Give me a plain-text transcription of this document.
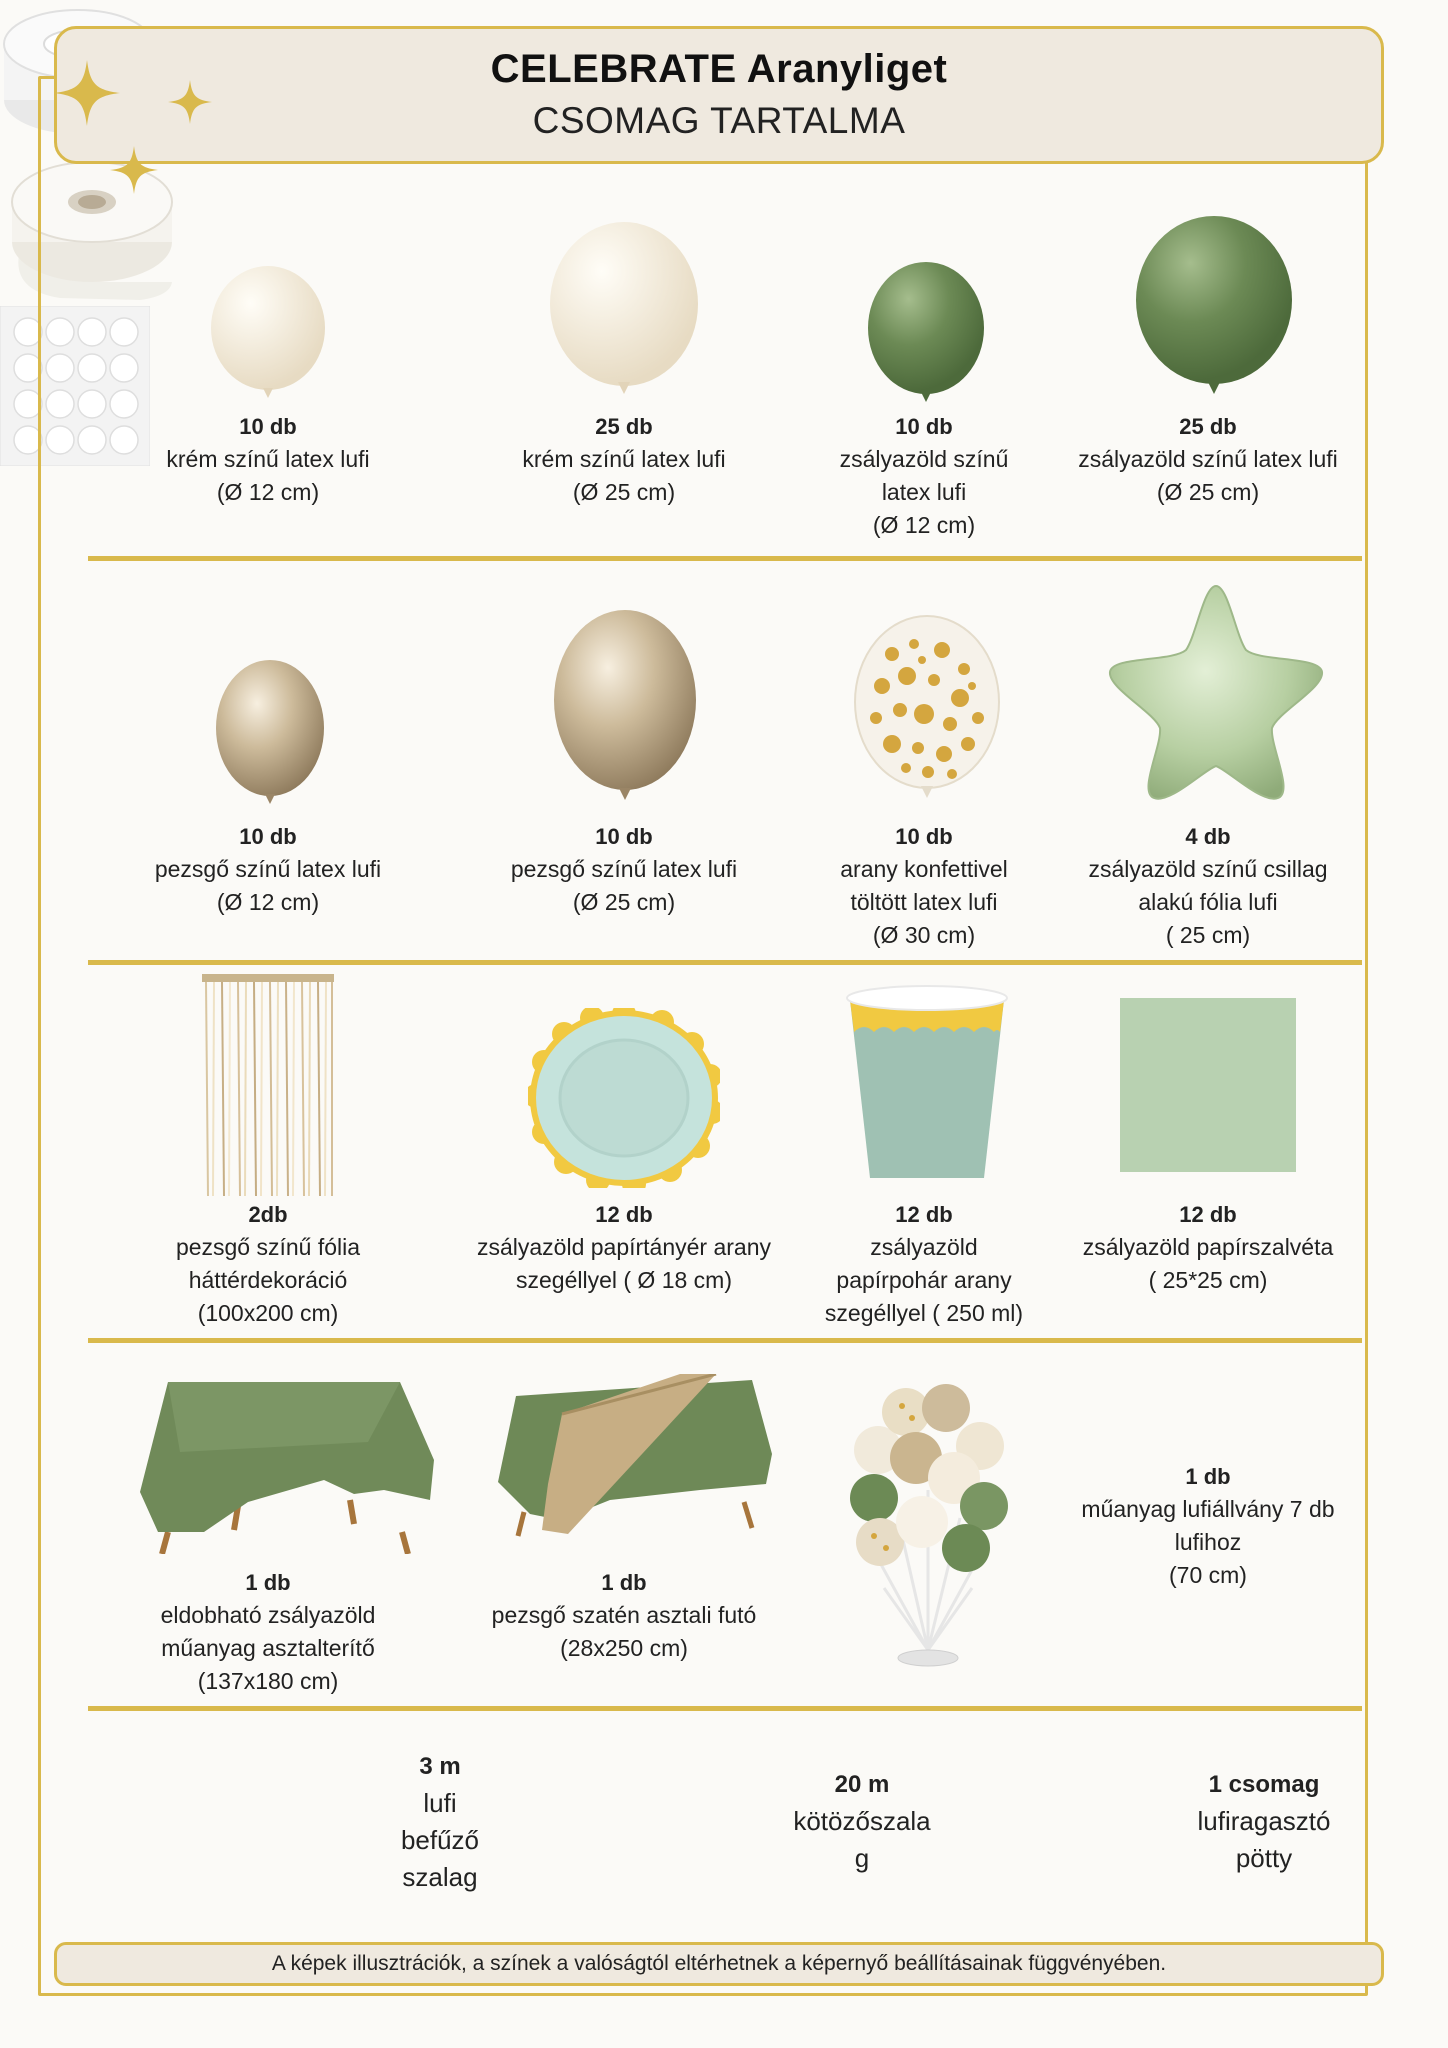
CELEBRATE Aranyliget
CSOMAG TARTALMA
10 db
krém színű latex lufi
(Ø 12 cm)
25 db
krém színű latex lufi
(Ø 25 cm)
10 db
zsályazöld színű
latex lufi
(Ø 12 cm)
25 db
zsályazöld színű latex lufi
(Ø 25 cm)
10 db
pezsgő színű latex lufi
(Ø 12 cm)
10 db
pezsgő színű latex lufi
(Ø 25 cm)
10 db
arany konfettivel
töltött latex lufi
(Ø 30 cm)
4 db
zsályazöld színű csillag
alakú fólia lufi
( 25 cm)
2db
pezsgő színű fólia
háttérdekoráció
(100x200 cm)
12 db
zsályazöld papírtányér arany
szegéllyel ( Ø 18 cm)
12 db
zsályazöld
papírpohár arany
szegéllyel ( 250 ml)
12 db
zsályazöld papírszalvéta
( 25*25 cm)
1 db
eldobható zsályazöld
műanyag asztalterítő
(137x180 cm)
1 db
pezsgő szatén asztali futó
(28x250 cm)
1 db
műanyag lufiállvány 7 db
lufihoz
(70 cm)
3 m
lufi
befűző
szalag
20 m
kötözőszala
g
1 csomag
lufiragasztó
pötty
A képek illusztrációk, a színek a valóságtól eltérhetnek a képernyő beállításainak függvényében.
